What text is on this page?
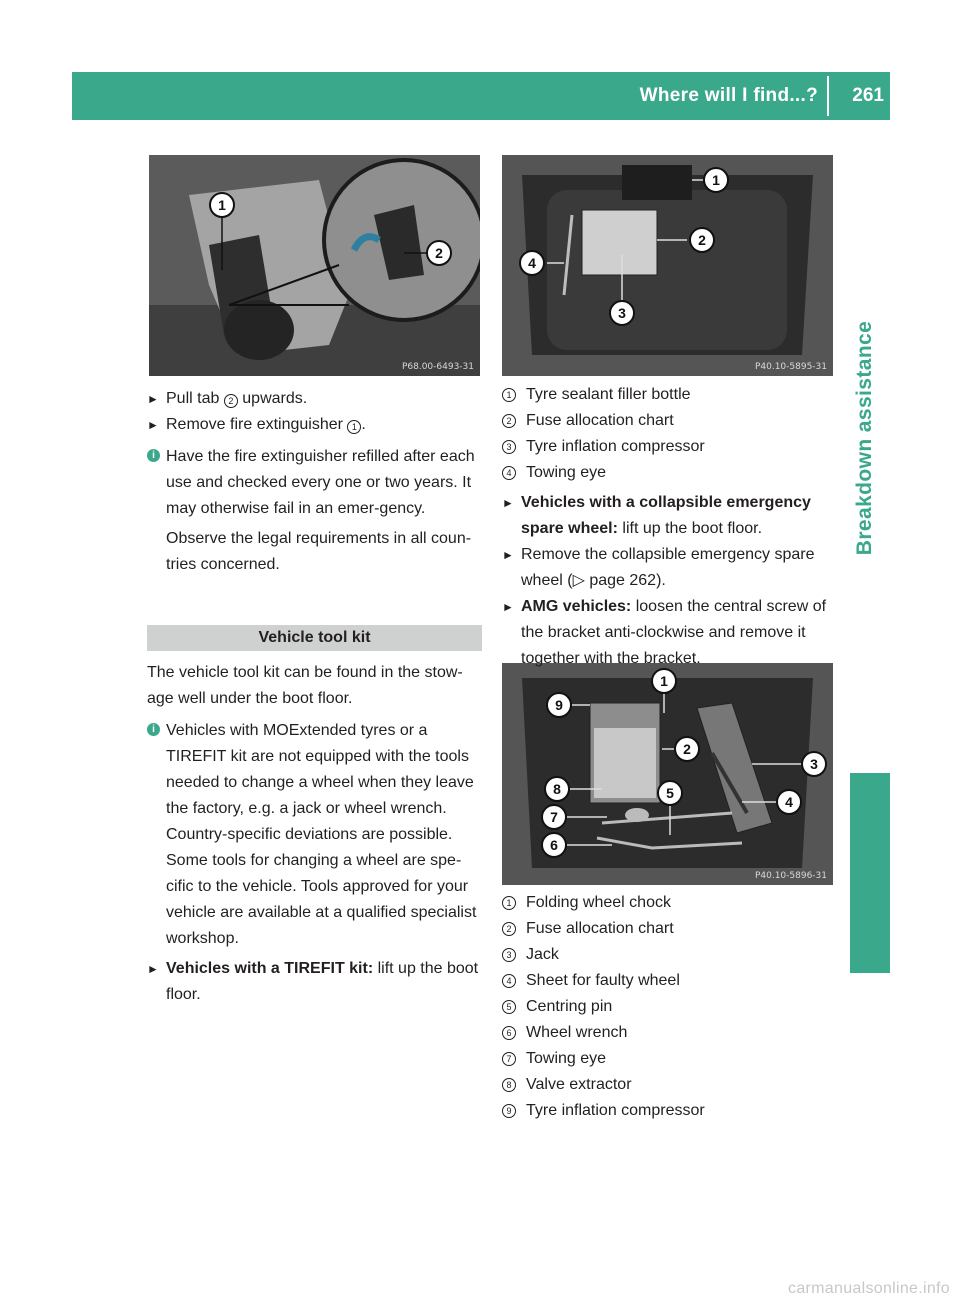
Where will I find...? 261
Breakdown assistance
1
2
P68.00-6493-31
1
2
3
4
P40.10-5895-31
1
2
3
4
5
6
7
8
9
P40.10-5896-31
► Pull tab 2 upwards.
► Remove fire extinguisher 1 .
i Have the fire extinguisher refilled after each use and checked every one or two years. It may otherwise fail in an emer-gency.

Observe the legal requirements in all coun-tries concerned.

Vehicle tool kit

The vehicle tool kit can be found in the stow-age well under the boot floor.

i Vehicles with MOExtended tyres or a TIREFIT kit are not equipped with the tools needed to change a wheel when they leave the factory, e.g. a jack or wheel wrench. Country-specific deviations are possible. Some tools for changing a wheel are spe-cific to the vehicle. Tools approved for your vehicle are available at a qualified specialist workshop.

► Vehicles with a TIREFIT kit: lift up the boot floor.
1 Tyre sealant filler bottle
2 Fuse allocation chart
3 Tyre inflation compressor
4 Towing eye
► Vehicles with a collapsible emergency spare wheel: lift up the boot floor.
► Remove the collapsible emergency spare wheel (▷ page 262).
► AMG vehicles: loosen the central screw of the bracket anti-clockwise and remove it together with the bracket.
1 Folding wheel chock
2 Fuse allocation chart
3 Jack
4 Sheet for faulty wheel
5 Centring pin
6 Wheel wrench
7 Towing eye
8 Valve extractor
9 Tyre inflation compressor
carmanualsonline.info
